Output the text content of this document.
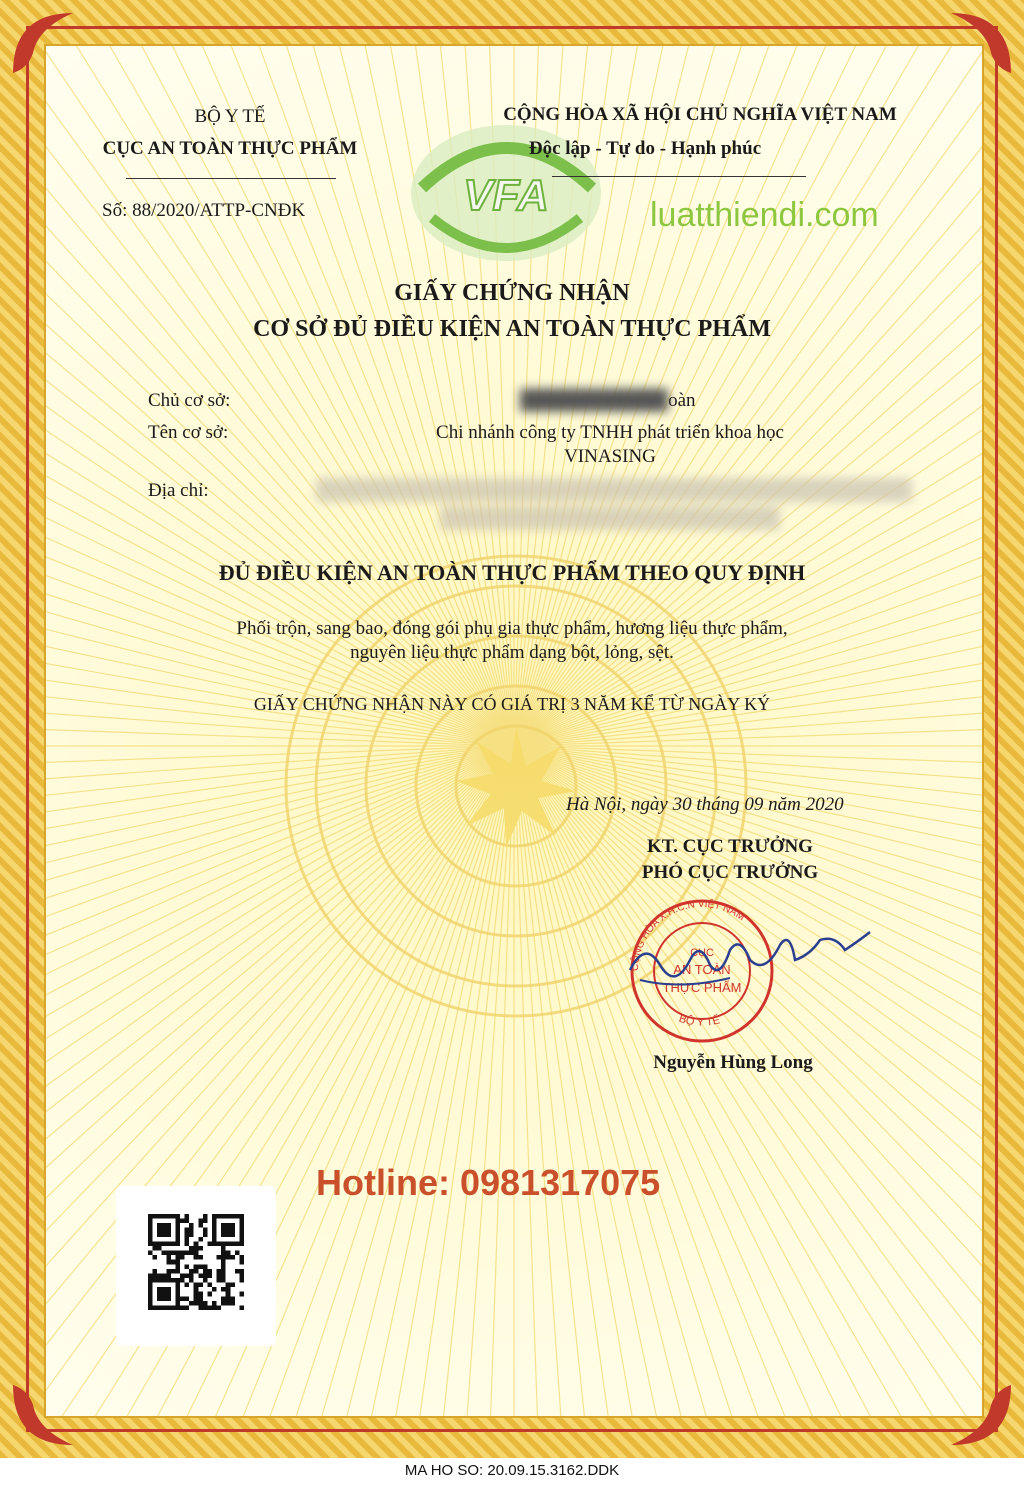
BỘ Y TẾ
CỤC AN TOÀN THỰC PHẨM
Số: 88/2020/ATTP-CNĐK	VFA
CỘNG HÒA XÃ HỘI CHỦ NGHĨA VIỆT NAM
Độc lập - Tự do - Hạnh phúc
luatthiendi.com
GIẤY CHỨNG NHẬN
CƠ SỞ ĐỦ ĐIỀU KIỆN AN TOÀN THỰC PHẨM
Chủ cơ sở:	███████████oàn
Tên cơ sở:	Chi nhánh công ty TNHH phát triển khoa học
VINASING
Địa chỉ:
ĐỦ ĐIỀU KIỆN AN TOÀN THỰC PHẨM THEO QUY ĐỊNH
Phối trộn, sang bao, đóng gói phụ gia thực phẩm, hương liệu thực phẩm,
nguyên liệu thực phẩm dạng bột, lỏng, sệt.
GIẤY CHỨNG NHẬN NÀY CÓ GIÁ TRỊ 3 NĂM KỂ TỪ NGÀY KÝ
Hà Nội, ngày 30 tháng 09 năm 2020
KT. CỤC TRƯỞNG
PHÓ CỤC TRƯỞNG
CỘNG HÒA X.H.C.N VIỆT NAM
BỘ Y TẾ
CỤC
AN TOÀN
THỰC PHẨM
Nguyễn Hùng Long
Hotline: 0981317075
MA HO SO: 20.09.15.3162.DDK
